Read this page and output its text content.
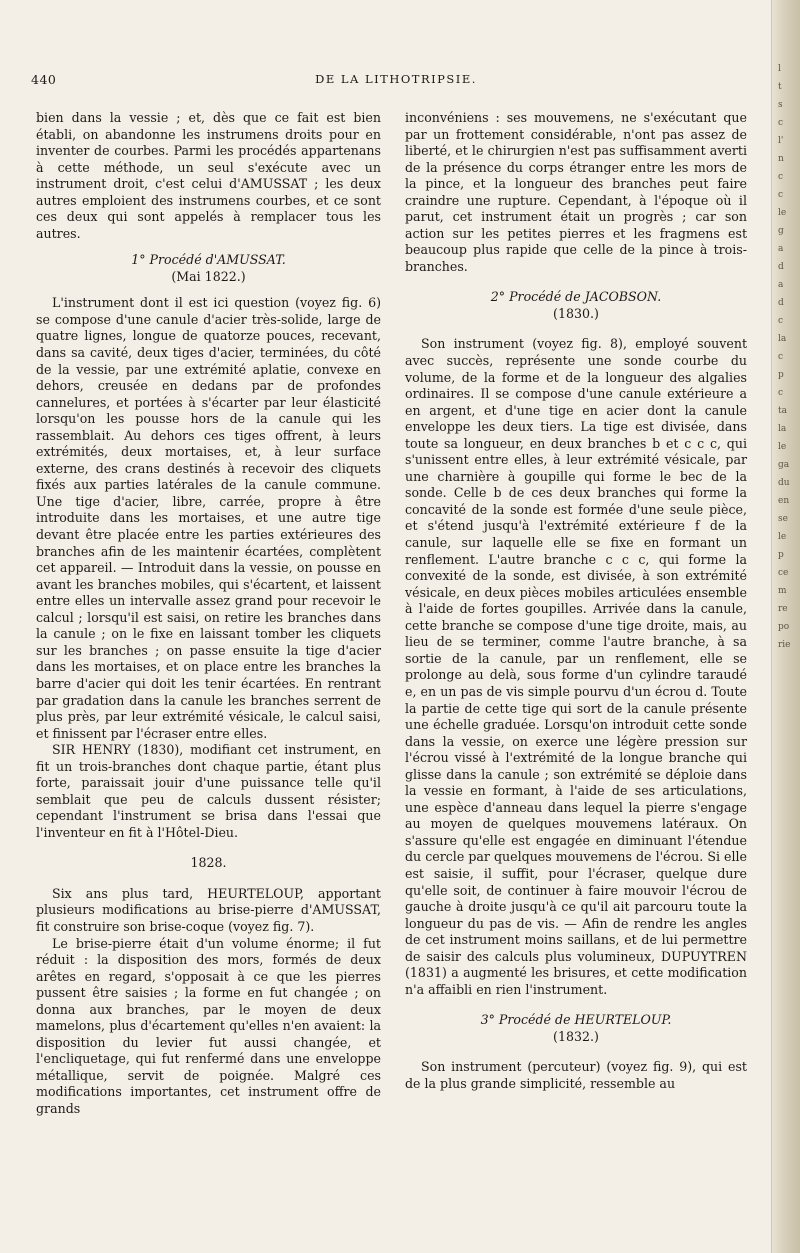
l
t
s
c
l'
n
c
c
le
g
a
d
a
d
c
la
c
p
c
ta
la
le
ga
du
en
se
le
p
ce
m
re
po
rie
440	DE LA LITHOTRIPSIE.

bien dans la vessie ; et, dès que ce fait est bien établi, on abandonne les instrumens droits pour en inventer de courbes. Parmi les procédés appartenans à cette méthode, un seul s'exécute avec un instrument droit, c'est celui d'AMUSSAT ; les deux autres emploient des instrumens courbes, et ce sont ces deux qui sont appelés à remplacer tous les autres.

1° Procédé d'AMUSSAT.

(Mai 1822.)

L'instrument dont il est ici question (voyez fig. 6) se compose d'une canule d'acier très-solide, large de quatre lignes, longue de quatorze pouces, recevant, dans sa cavité, deux tiges d'acier, terminées, du côté de la vessie, par une extrémité aplatie, convexe en dehors, creusée en dedans par de profondes cannelures, et portées à s'écarter par leur élasticité lorsqu'on les pousse hors de la canule qui les rassemblait. Au dehors ces tiges offrent, à leurs extrémités, deux mortaises, et, à leur surface externe, des crans destinés à recevoir des cliquets fixés aux parties latérales de la canule commune. Une tige d'acier, libre, carrée, propre à être introduite dans les mortaises, et une autre tige devant être placée entre les parties extérieures des branches afin de les maintenir écartées, complètent cet appareil. — Introduit dans la vessie, on pousse en avant les branches mobiles, qui s'écartent, et laissent entre elles un intervalle assez grand pour recevoir le calcul ; lorsqu'il est saisi, on retire les branches dans la canule ; on le fixe en laissant tomber les cliquets sur les branches ; on passe ensuite la tige d'acier dans les mortaises, et on place entre les branches la barre d'acier qui doit les tenir écartées. En rentrant par gradation dans la canule les branches serrent de plus près, par leur extrémité vésicale, le calcul saisi, et finissent par l'écraser entre elles.

SIR HENRY (1830), modifiant cet instrument, en fit un trois-branches dont chaque partie, étant plus forte, paraissait jouir d'une puissance telle qu'il semblait que peu de calculs dussent résister; cependant l'instrument se brisa dans l'essai que l'inventeur en fit à l'Hôtel-Dieu.

1828.

Six ans plus tard, HEURTELOUP, apportant plusieurs modifications au brise-pierre d'AMUSSAT, fit construire son brise-coque (voyez fig. 7).

Le brise-pierre était d'un volume énorme; il fut réduit : la disposition des mors, formés de deux arêtes en regard, s'opposait à ce que les pierres pussent être saisies ; la forme en fut changée ; on donna aux branches, par le moyen de deux mamelons, plus d'écartement qu'elles n'en avaient: la disposition du levier fut aussi changée, et l'encliquetage, qui fut renfermé dans une enveloppe métallique, servit de poignée. Malgré ces modifications importantes, cet instrument offre de grands

inconvéniens : ses mouvemens, ne s'exécutant que par un frottement considérable, n'ont pas assez de liberté, et le chirurgien n'est pas suffisamment averti de la présence du corps étranger entre les mors de la pince, et la longueur des branches peut faire craindre une rupture. Cependant, à l'époque où il parut, cet instrument était un progrès ; car son action sur les petites pierres et les fragmens est beaucoup plus rapide que celle de la pince à trois-branches.

2° Procédé de JACOBSON.

(1830.)

Son instrument (voyez fig. 8), employé souvent avec succès, représente une sonde courbe du volume, de la forme et de la longueur des algalies ordinaires. Il se compose d'une canule extérieure a en argent, et d'une tige en acier dont la canule enveloppe les deux tiers. La tige est divisée, dans toute sa longueur, en deux branches b et c c c, qui s'unissent entre elles, à leur extrémité vésicale, par une charnière à goupille qui forme le bec de la sonde. Celle b de ces deux branches qui forme la concavité de la sonde est formée d'une seule pièce, et s'étend jusqu'à l'extrémité extérieure f de la canule, sur laquelle elle se fixe en formant un renflement. L'autre branche c c c, qui forme la convexité de la sonde, est divisée, à son extrémité vésicale, en deux pièces mobiles articulées ensemble à l'aide de fortes goupilles. Arrivée dans la canule, cette branche se compose d'une tige droite, mais, au lieu de se terminer, comme l'autre branche, à sa sortie de la canule, par un renflement, elle se prolonge au delà, sous forme d'un cylindre taraudé e, en un pas de vis simple pourvu d'un écrou d. Toute la partie de cette tige qui sort de la canule présente une échelle graduée. Lorsqu'on introduit cette sonde dans la vessie, on exerce une légère pression sur l'écrou vissé à l'extrémité de la longue branche qui glisse dans la canule ; son extrémité se déploie dans la vessie en formant, à l'aide de ses articulations, une espèce d'anneau dans lequel la pierre s'engage au moyen de quelques mouvemens latéraux. On s'assure qu'elle est engagée en diminuant l'étendue du cercle par quelques mouvemens de l'écrou. Si elle est saisie, il suffit, pour l'écraser, quelque dure qu'elle soit, de continuer à faire mouvoir l'écrou de gauche à droite jusqu'à ce qu'il ait parcouru toute la longueur du pas de vis. — Afin de rendre les angles de cet instrument moins saillans, et de lui permettre de saisir des calculs plus volumineux, DUPUYTREN (1831) a augmenté les brisures, et cette modification n'a affaibli en rien l'instrument.

3° Procédé de HEURTELOUP.

(1832.)

Son instrument (percuteur) (voyez fig. 9), qui est de la plus grande simplicité, ressemble au
